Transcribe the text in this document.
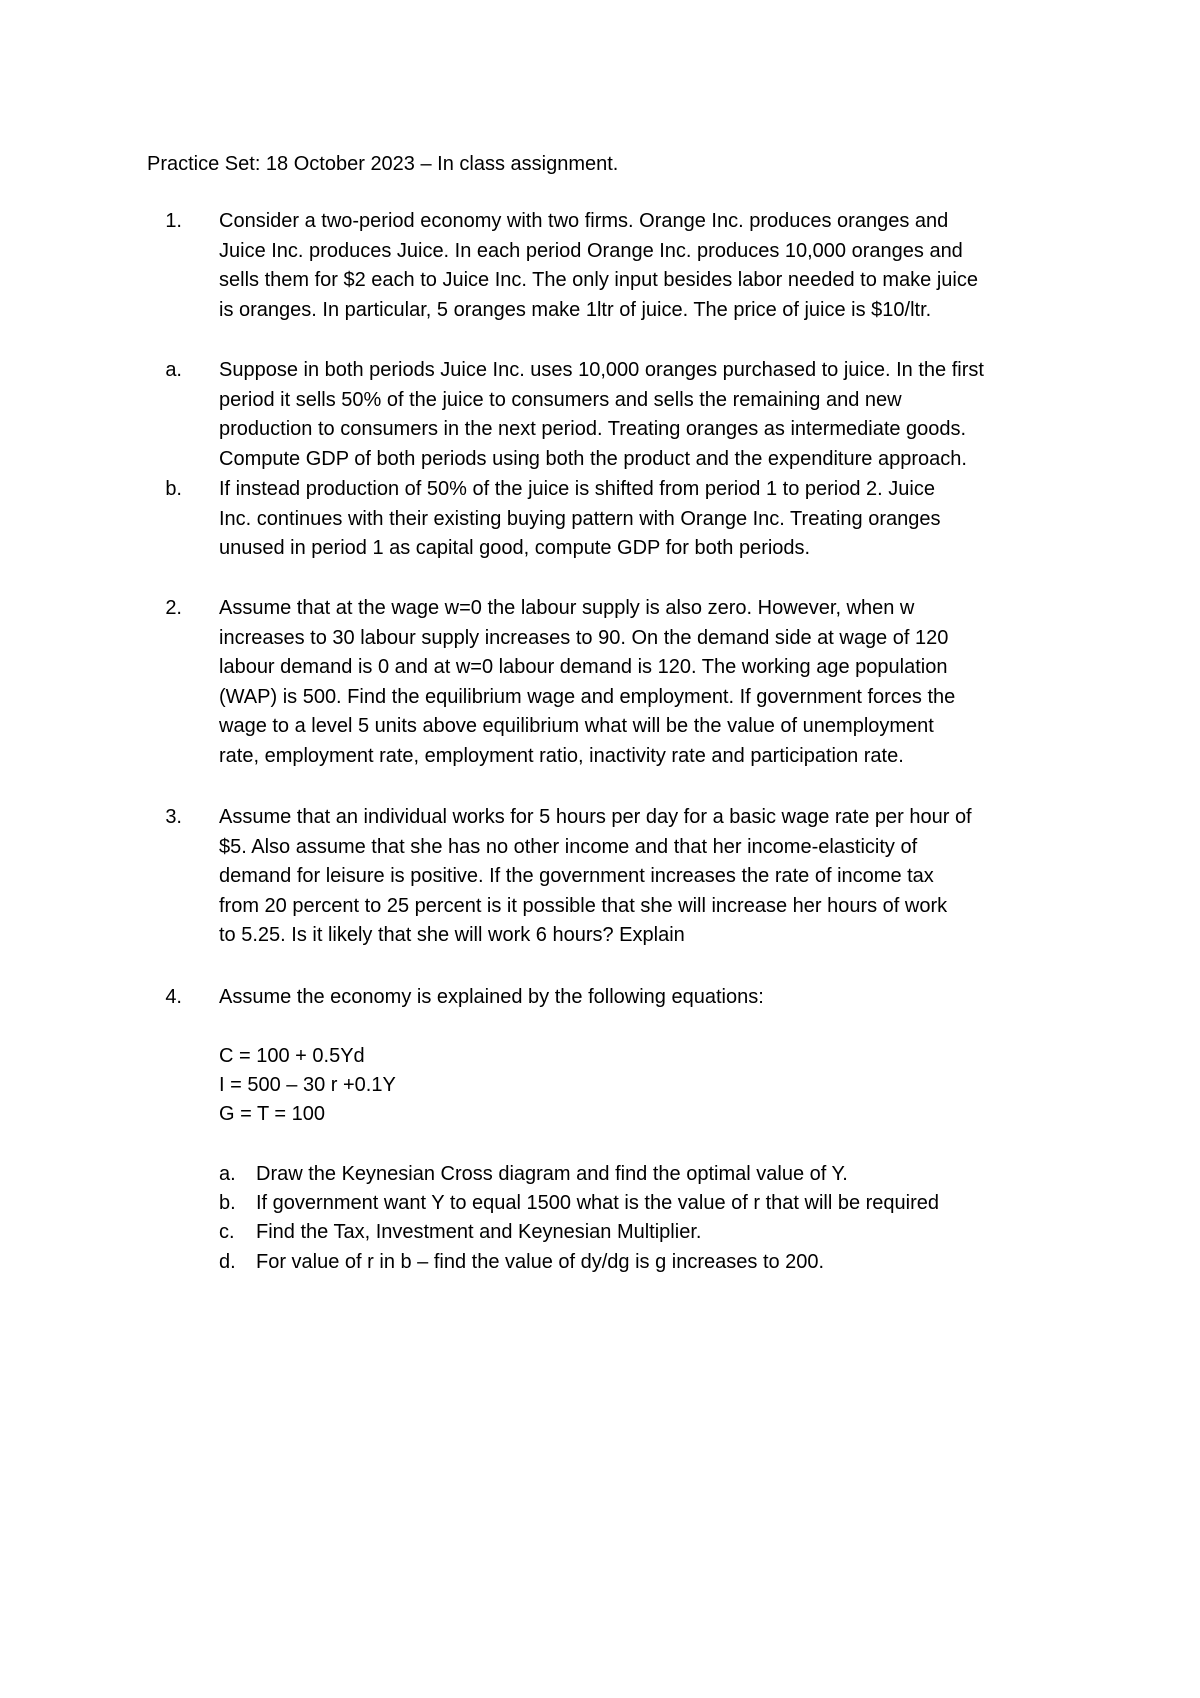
Practice Set: 18 October 2023 – In class assignment.
1. Consider a two-period economy with two firms. Orange Inc. produces oranges and
Juice Inc. produces Juice. In each period Orange Inc. produces 10,000 oranges and
sells them for $2 each to Juice Inc. The only input besides labor needed to make juice
is oranges. In particular, 5 oranges make 1ltr of juice. The price of juice is $10/ltr.
a. Suppose in both periods Juice Inc. uses 10,000 oranges purchased to juice. In the first
period it sells 50% of the juice to consumers and sells the remaining and new
production to consumers in the next period. Treating oranges as intermediate goods.
Compute GDP of both periods using both the product and the expenditure approach.
b. If instead production of 50% of the juice is shifted from period 1 to period 2. Juice
Inc. continues with their existing buying pattern with Orange Inc. Treating oranges
unused in period 1 as capital good, compute GDP for both periods.
2. Assume that at the wage w=0 the labour supply is also zero. However, when w
increases to 30 labour supply increases to 90. On the demand side at wage of 120
labour demand is 0 and at w=0 labour demand is 120. The working age population
(WAP) is 500. Find the equilibrium wage and employment. If government forces the
wage to a level 5 units above equilibrium what will be the value of unemployment
rate, employment rate, employment ratio, inactivity rate and participation rate.
3. Assume that an individual works for 5 hours per day for a basic wage rate per hour of
$5. Also assume that she has no other income and that her income-elasticity of
demand for leisure is positive. If the government increases the rate of income tax
from 20 percent to 25 percent is it possible that she will increase her hours of work
to 5.25. Is it likely that she will work 6 hours? Explain
4. Assume the economy is explained by the following equations:
C = 100 + 0.5Yd
I = 500 – 30 r +0.1Y
G = T = 100
a. Draw the Keynesian Cross diagram and find the optimal value of Y.
b. If government want Y to equal 1500 what is the value of r that will be required
c. Find the Tax, Investment and Keynesian Multiplier.
d. For value of r in b – find the value of dy/dg is g increases to 200.
